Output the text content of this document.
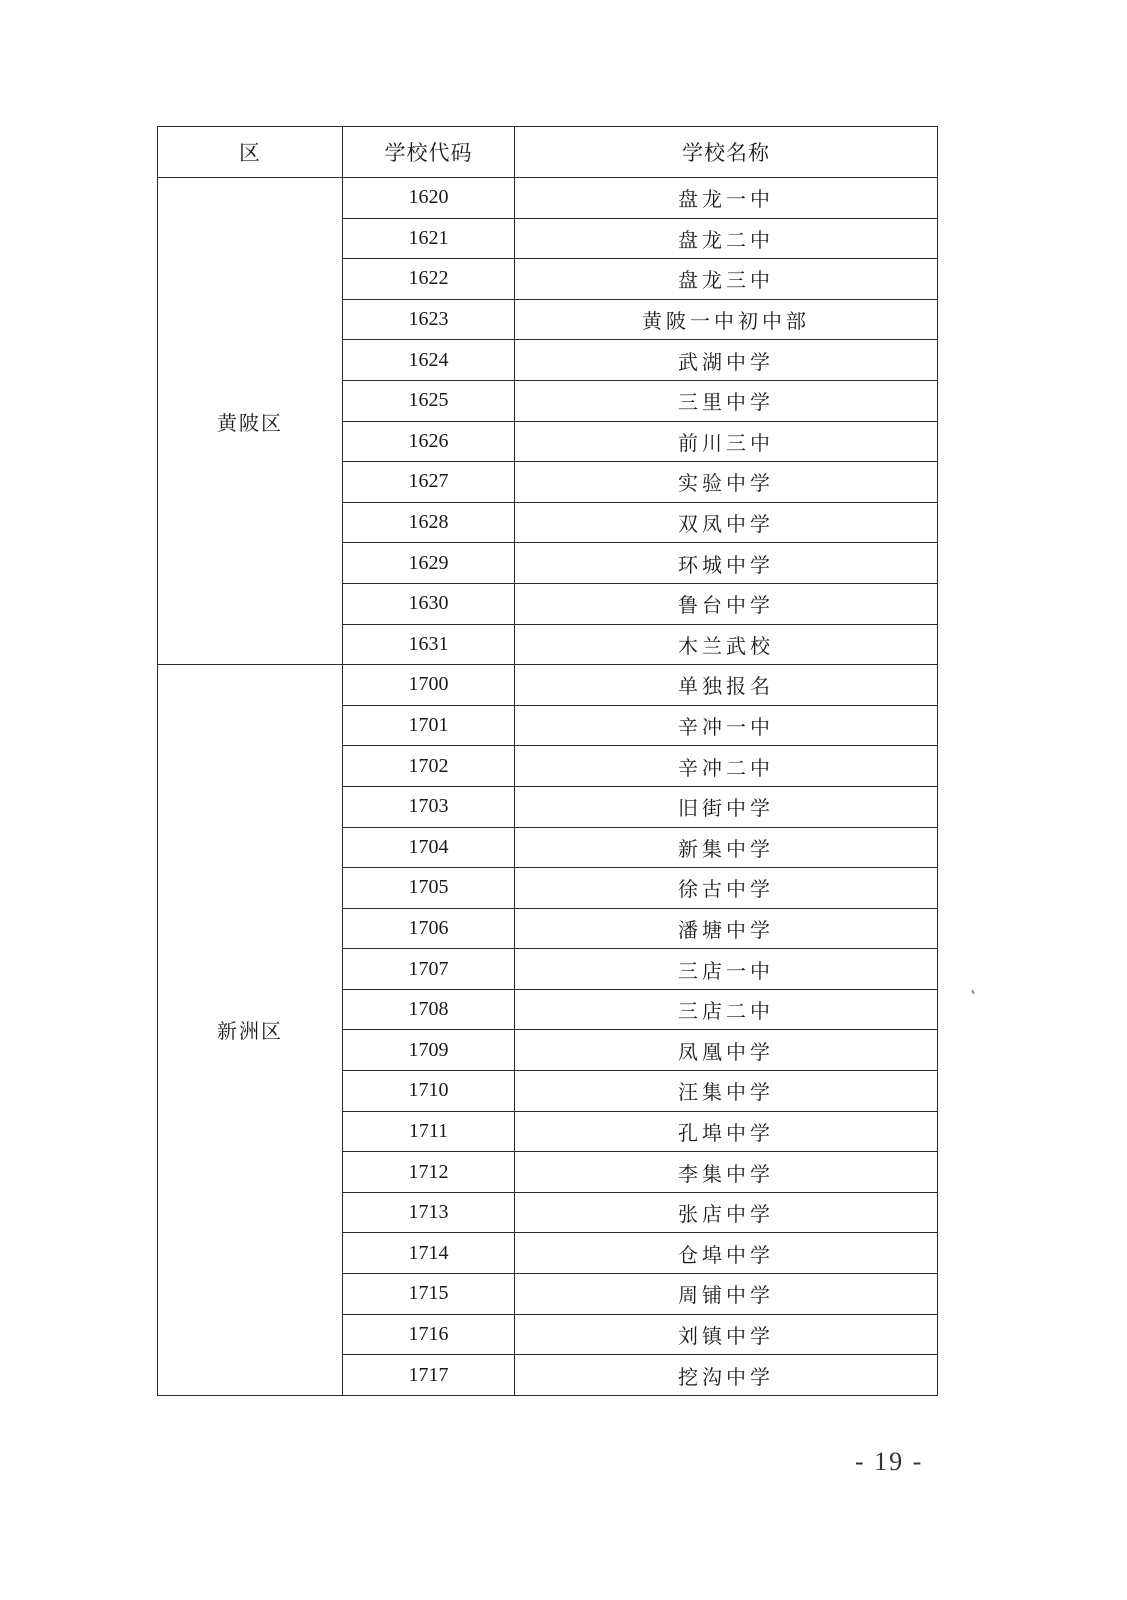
区	学校代码	学校名称
黄陂区	1620	盘龙一中
	1621	盘龙二中
	1622	盘龙三中
	1623	黄陂一中初中部
	1624	武湖中学
	1625	三里中学
	1626	前川三中
	1627	实验中学
	1628	双凤中学
	1629	环城中学
	1630	鲁台中学
	1631	木兰武校
新洲区	1700	单独报名
	1701	辛冲一中
	1702	辛冲二中
	1703	旧街中学
	1704	新集中学
	1705	徐古中学
	1706	潘塘中学
	1707	三店一中
	1708	三店二中
	1709	凤凰中学
	1710	汪集中学
	1711	孔埠中学
	1712	李集中学
	1713	张店中学
	1714	仓埠中学
	1715	周铺中学
	1716	刘镇中学
	1717	挖沟中学
- 19 -
